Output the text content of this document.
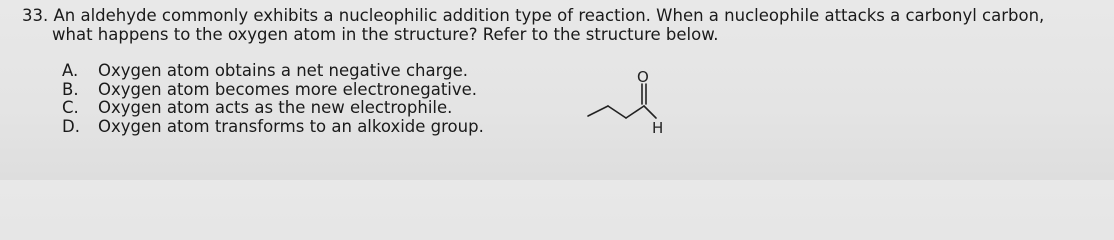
33. An aldehyde commonly exhibits a nucleophilic addition type of reaction. When a nucleophile attacks a carbonyl carbon,
what happens to the oxygen atom in the structure? Refer to the structure below.
A.	Oxygen atom obtains a net negative charge.
B.	Oxygen atom becomes more electronegative.
C.	Oxygen atom acts as the new electrophile.
D.	Oxygen atom transforms to an alkoxide group.
O
H
